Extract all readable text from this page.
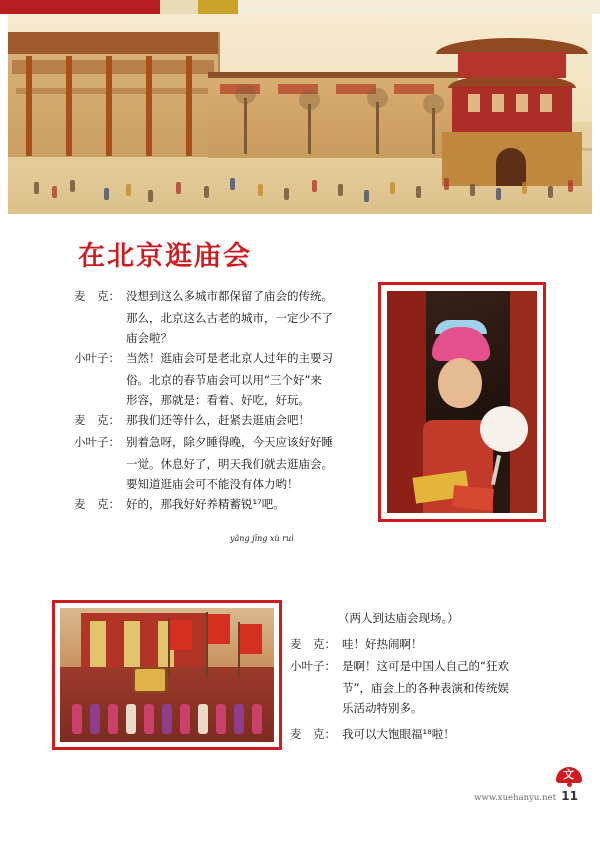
在北京逛庙会
麦　克： 没想到这么多城市都保留了庙会的传统。
那么，北京这么古老的城市，一定少不了
庙会啦？
小叶子： 当然！逛庙会可是老北京人过年的主要习
俗。北京的春节庙会可以用“三个好”来
形容，那就是：看着、好吃，好玩。
麦　克： 那我们还等什么，赶紧去逛庙会吧！
小叶子： 别着急呀，除夕睡得晚，今天应该好好睡
一觉。休息好了，明天我们就去逛庙会。
要知道逛庙会可不能没有体力哟！
麦　克： 好的，那我好好养精蓄锐¹⁷吧。
yǎng jīng xù ruì
（两人到达庙会现场。）
麦　克： 哇！好热闹啊！
小叶子： 是啊！这可是中国人自己的“狂欢
节”，庙会上的各种表演和传统娱
乐活动特别多。
麦　克： 我可以大饱眼福¹⁸啦！
文
www.xuehanyu.net 11
